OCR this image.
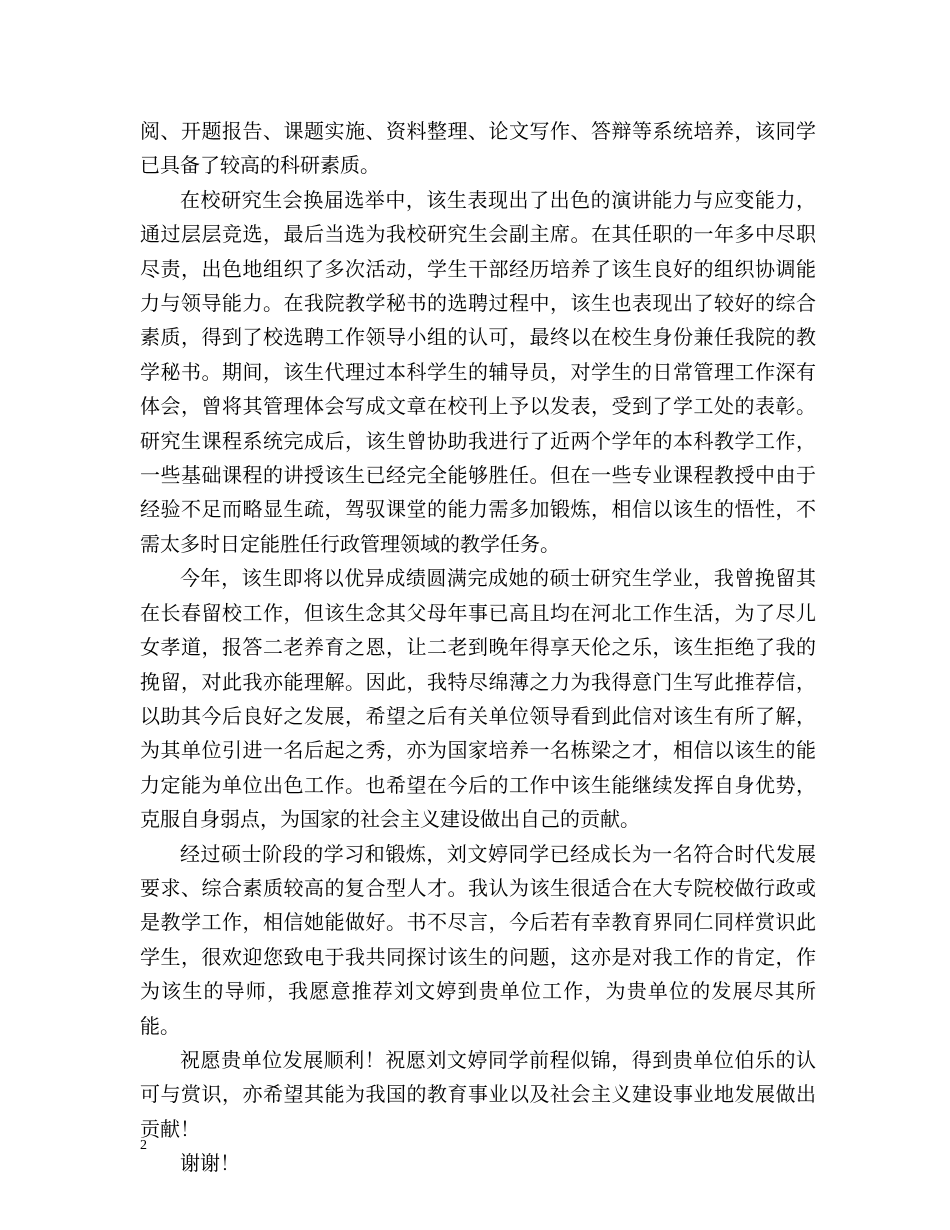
阅、开题报告、课题实施、资料整理、论文写作、答辩等系统培养，该同学已具备了较高的科研素质。

在校研究生会换届选举中，该生表现出了出色的演讲能力与应变能力，通过层层竞选，最后当选为我校研究生会副主席。在其任职的一年多中尽职尽责，出色地组织了多次活动，学生干部经历培养了该生良好的组织协调能力与领导能力。在我院教学秘书的选聘过程中，该生也表现出了较好的综合素质，得到了校选聘工作领导小组的认可，最终以在校生身份兼任我院的教学秘书。期间，该生代理过本科学生的辅导员，对学生的日常管理工作深有体会，曾将其管理体会写成文章在校刊上予以发表，受到了学工处的表彰。研究生课程系统完成后，该生曾协助我进行了近两个学年的本科教学工作，一些基础课程的讲授该生已经完全能够胜任。但在一些专业课程教授中由于经验不足而略显生疏，驾驭课堂的能力需多加锻炼，相信以该生的悟性，不需太多时日定能胜任行政管理领域的教学任务。

今年，该生即将以优异成绩圆满完成她的硕士研究生学业，我曾挽留其在长春留校工作，但该生念其父母年事已高且均在河北工作生活，为了尽儿女孝道，报答二老养育之恩，让二老到晚年得享天伦之乐，该生拒绝了我的挽留，对此我亦能理解。因此，我特尽绵薄之力为我得意门生写此推荐信，以助其今后良好之发展，希望之后有关单位领导看到此信对该生有所了解，为其单位引进一名后起之秀，亦为国家培养一名栋梁之才，相信以该生的能力定能为单位出色工作。也希望在今后的工作中该生能继续发挥自身优势，克服自身弱点，为国家的社会主义建设做出自己的贡献。

经过硕士阶段的学习和锻炼，刘文婷同学已经成长为一名符合时代发展要求、综合素质较高的复合型人才。我认为该生很适合在大专院校做行政或是教学工作，相信她能做好。书不尽言，今后若有幸教育界同仁同样赏识此学生，很欢迎您致电于我共同探讨该生的问题，这亦是对我工作的肯定，作为该生的导师，我愿意推荐刘文婷到贵单位工作，为贵单位的发展尽其所能。

祝愿贵单位发展顺利！祝愿刘文婷同学前程似锦，得到贵单位伯乐的认可与赏识，亦希望其能为我国的教育事业以及社会主义建设事业地发展做出贡献！

谢谢！

2
